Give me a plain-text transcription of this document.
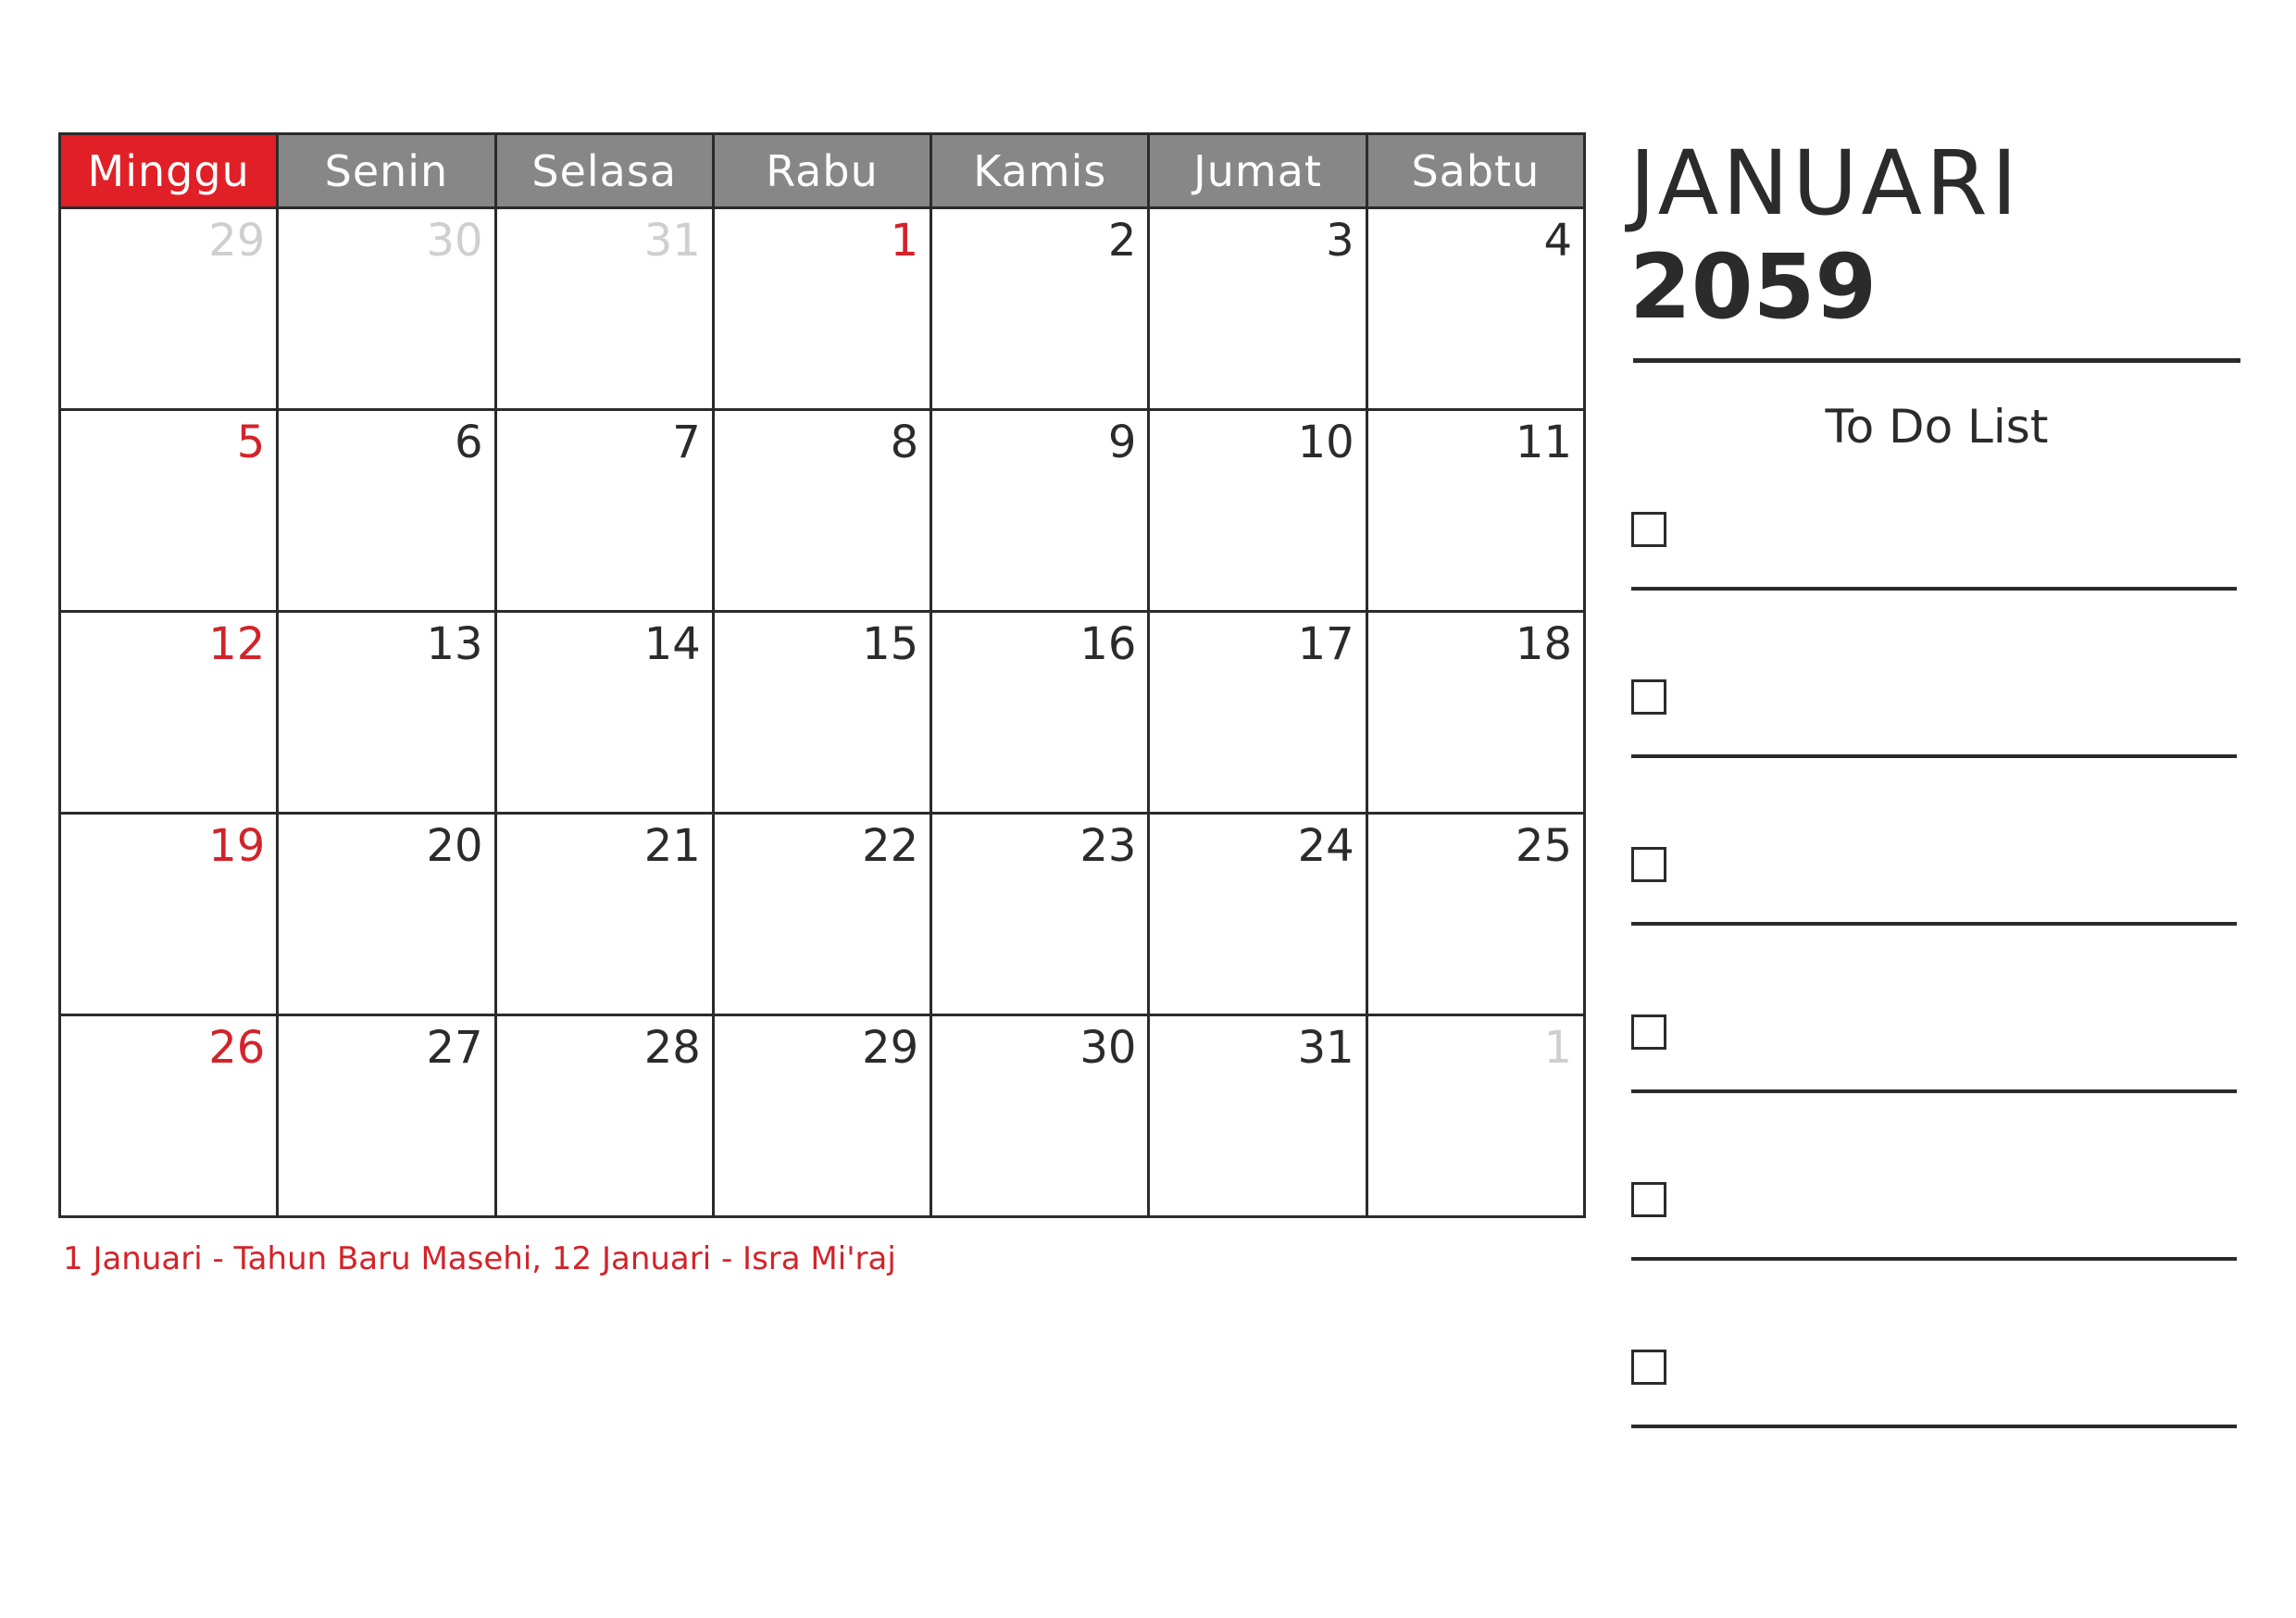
Minggu	Senin	Selasa	Rabu	Kamis	Jumat	Sabtu
29	30	31	1	2	3	4
5	6	7	8	9	10	11
12	13	14	15	16	17	18
19	20	21	22	23	24	25
26	27	28	29	30	31	1
1 Januari - Tahun Baru Masehi, 12 Januari - Isra Mi'raj
JANUARI
2059
To Do List
